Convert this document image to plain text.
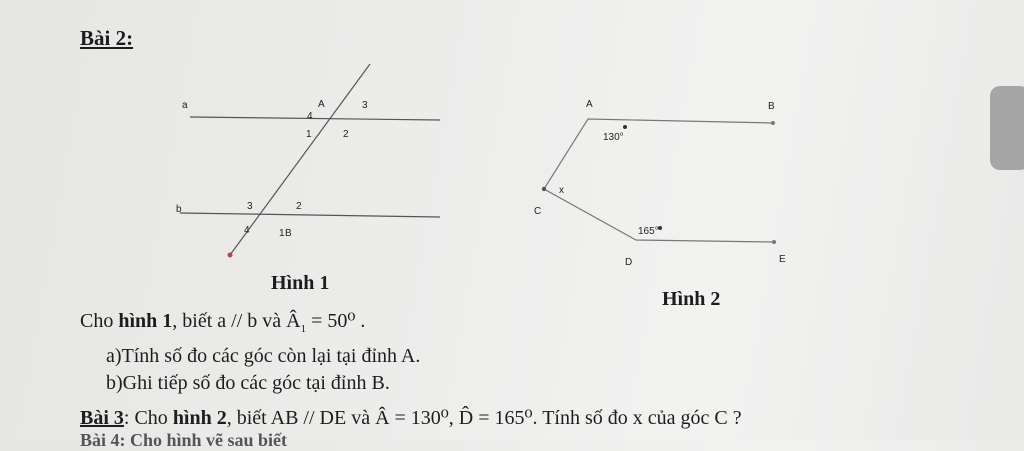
Bài 2:
a
b
A
4
3
1	2
3	2
4	1 B
A	B
C
x
130°
165°
D	E
Hình 1
Hình 2
Cho hình 1, biết a // b và $Â_1 = 50^0$ .
a)Tính số đo các góc còn lại tại đỉnh A.
b)Ghi tiếp số đo các góc tại đỉnh B.
Bài 3: Cho hình 2, biết AB // DE và Â = 130⁰, D̂ = 165⁰. Tính số đo x của góc C ?
Bài 4: Cho hình vẽ sau biết
